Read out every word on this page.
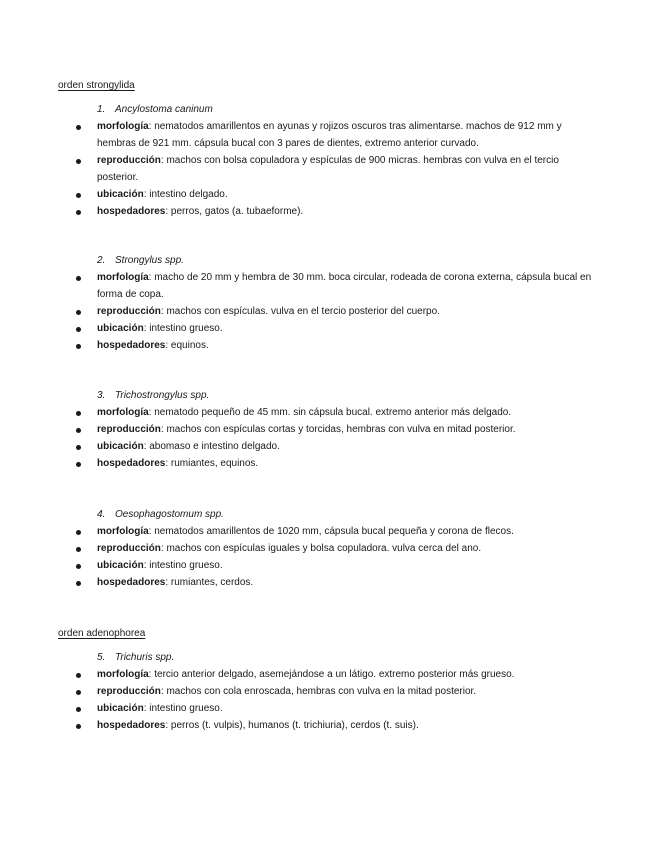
orden strongylida
1. Ancylostoma caninum
morfología: nematodos amarillentos en ayunas y rojizos oscuros tras alimentarse. machos de 912 mm y hembras de 921 mm. cápsula bucal con 3 pares de dientes, extremo anterior curvado.
reproducción: machos con bolsa copuladora y espículas de 900 micras. hembras con vulva en el tercio posterior.
ubicación: intestino delgado.
hospedadores: perros, gatos (a. tubaeforme).
2. Strongylus spp.
morfología: macho de 20 mm y hembra de 30 mm. boca circular, rodeada de corona externa, cápsula bucal en forma de copa.
reproducción: machos con espículas. vulva en el tercio posterior del cuerpo.
ubicación: intestino grueso.
hospedadores: equinos.
3. Trichostrongylus spp.
morfología: nematodo pequeño de 45 mm. sin cápsula bucal. extremo anterior más delgado.
reproducción: machos con espículas cortas y torcidas, hembras con vulva en mitad posterior.
ubicación: abomaso e intestino delgado.
hospedadores: rumiantes, equinos.
4. Oesophagostomum spp.
morfología: nematodos amarillentos de 1020 mm, cápsula bucal pequeña y corona de flecos.
reproducción: machos con espículas iguales y bolsa copuladora. vulva cerca del ano.
ubicación: intestino grueso.
hospedadores: rumiantes, cerdos.
orden adenophorea
5. Trichuris spp.
morfología: tercio anterior delgado, asemejándose a un látigo. extremo posterior más grueso.
reproducción: machos con cola enroscada, hembras con vulva en la mitad posterior.
ubicación: intestino grueso.
hospedadores: perros (t. vulpis), humanos (t. trichiuria), cerdos (t. suis).
